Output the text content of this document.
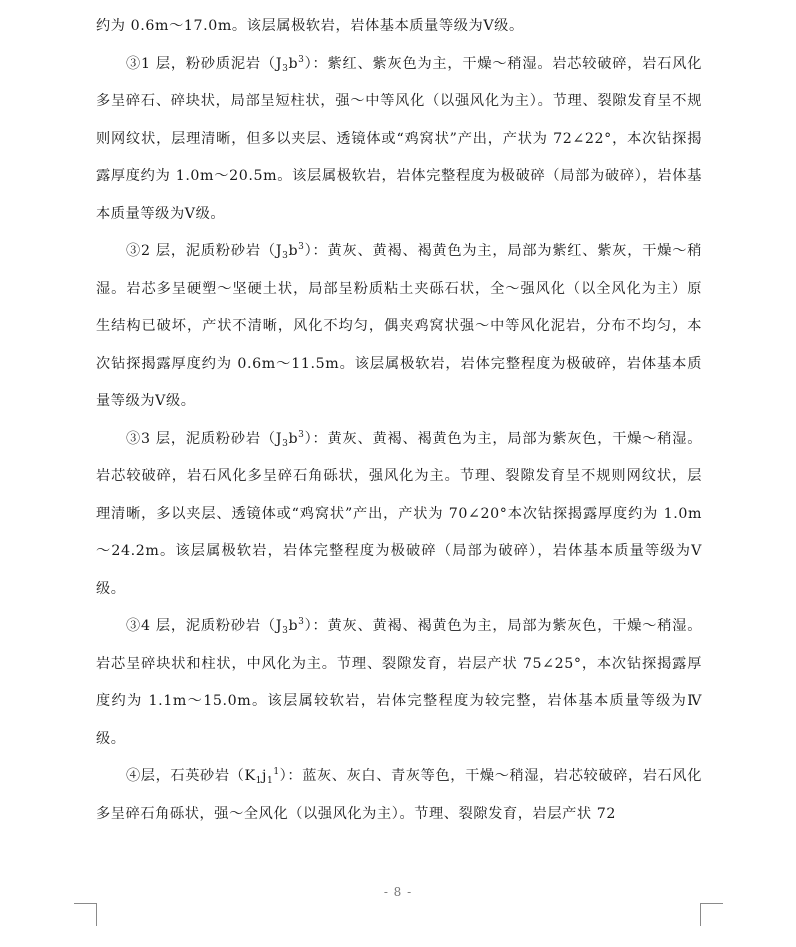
约为 0.6m～17.0m。该层属极软岩，岩体基本质量等级为Ⅴ级。

③1 层，粉砂质泥岩$(J_3b^3)$：紫红、紫灰色为主，干燥～稍湿。岩芯较破碎，岩石风化多呈碎石、碎块状，局部呈短柱状，强～中等风化（以强风化为主）。节理、裂隙发育呈不规则网纹状，层理清晰，但多以夹层、透镜体或“鸡窝状”产出，产状为 72∠22°，本次钻探揭露厚度约为 1.0m～20.5m。该层属极软岩，岩体完整程度为极破碎（局部为破碎），岩体基本质量等级为Ⅴ级。

③2 层，泥质粉砂岩$(J_3b^3)$：黄灰、黄褐、褐黄色为主，局部为紫红、紫灰，干燥～稍湿。岩芯多呈硬塑～坚硬土状，局部呈粉质粘土夹砾石状，全～强风化（以全风化为主）原生结构已破坏，产状不清晰，风化不均匀，偶夹鸡窝状强～中等风化泥岩，分布不均匀，本次钻探揭露厚度约为 0.6m～11.5m。该层属极软岩，岩体完整程度为极破碎，岩体基本质量等级为Ⅴ级。

③3 层，泥质粉砂岩$(J_3b^3)$：黄灰、黄褐、褐黄色为主，局部为紫灰色，干燥～稍湿。岩芯较破碎，岩石风化多呈碎石角砾状，强风化为主。节理、裂隙发育呈不规则网纹状，层理清晰，多以夹层、透镜体或“鸡窝状”产出，产状为 70∠20°本次钻探揭露厚度约为 1.0m～24.2m。该层属极软岩，岩体完整程度为极破碎（局部为破碎），岩体基本质量等级为Ⅴ级。

③4 层，泥质粉砂岩$(J_3b^3)$：黄灰、黄褐、褐黄色为主，局部为紫灰色，干燥～稍湿。岩芯呈碎块状和柱状，中风化为主。节理、裂隙发育，岩层产状 75∠25°，本次钻探揭露厚度约为 1.1m～15.0m。该层属较软岩，岩体完整程度为较完整，岩体基本质量等级为Ⅳ级。

④层，石英砂岩$(K_1j_1^1)$：蓝灰、灰白、青灰等色，干燥～稍湿，岩芯较破碎，岩石风化多呈碎石角砾状，强～全风化（以强风化为主）。节理、裂隙发育，岩层产状 72

- 8 -
